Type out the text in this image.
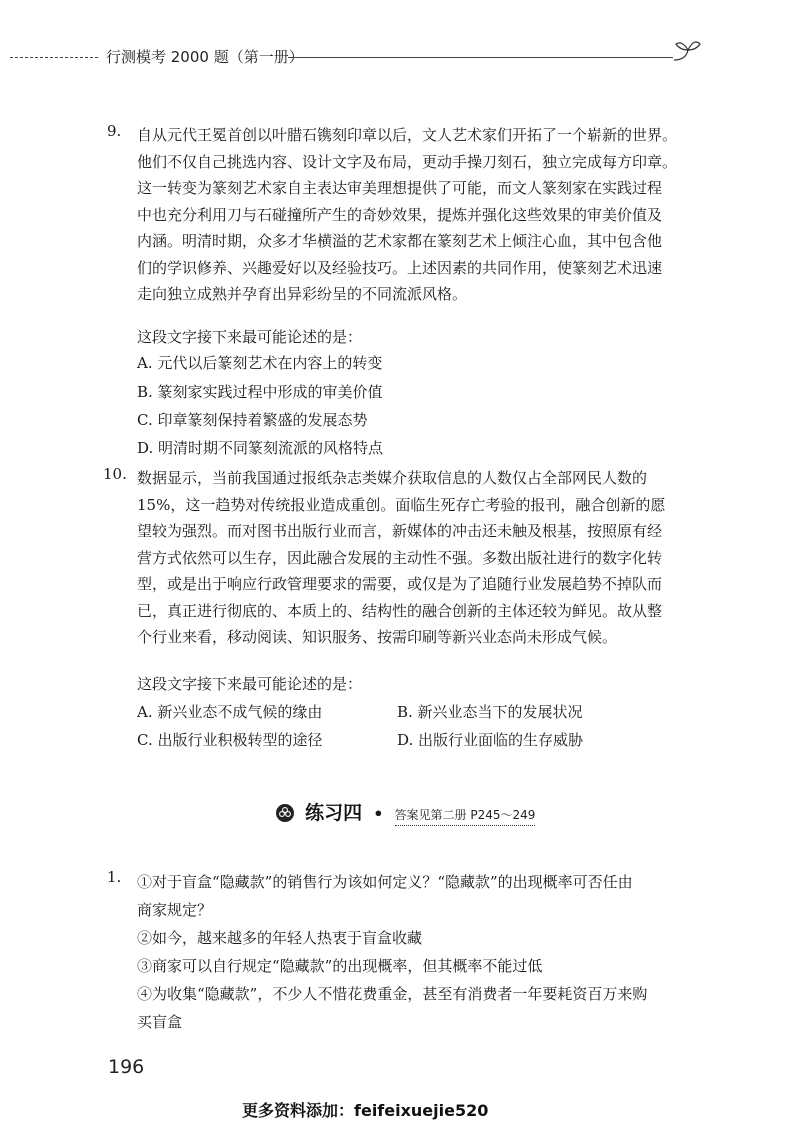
行测模考 2000 题（第一册）
9. 自从元代王冕首创以叶腊石镌刻印章以后，文人艺术家们开拓了一个崭新的世界。
他们不仅自己挑选内容、设计文字及布局，更动手操刀刻石，独立完成每方印章。
这一转变为篆刻艺术家自主表达审美理想提供了可能，而文人篆刻家在实践过程
中也充分利用刀与石碰撞所产生的奇妙效果，提炼并强化这些效果的审美价值及
内涵。明清时期，众多才华横溢的艺术家都在篆刻艺术上倾注心血，其中包含他
们的学识修养、兴趣爱好以及经验技巧。上述因素的共同作用，使篆刻艺术迅速
走向独立成熟并孕育出异彩纷呈的不同流派风格。
这段文字接下来最可能论述的是：
A. 元代以后篆刻艺术在内容上的转变
B. 篆刻家实践过程中形成的审美价值
C. 印章篆刻保持着繁盛的发展态势
D. 明清时期不同篆刻流派的风格特点
10. 数据显示，当前我国通过报纸杂志类媒介获取信息的人数仅占全部网民人数的
15%，这一趋势对传统报业造成重创。面临生死存亡考验的报刊，融合创新的愿
望较为强烈。而对图书出版行业而言，新媒体的冲击还未触及根基，按照原有经
营方式依然可以生存，因此融合发展的主动性不强。多数出版社进行的数字化转
型，或是出于响应行政管理要求的需要，或仅是为了追随行业发展趋势不掉队而
已，真正进行彻底的、本质上的、结构性的融合创新的主体还较为鲜见。故从整
个行业来看，移动阅读、知识服务、按需印刷等新兴业态尚未形成气候。
这段文字接下来最可能论述的是：
A. 新兴业态不成气候的缘由	B. 新兴业态当下的发展状况
C. 出版行业积极转型的途径	D. 出版行业面临的生存威胁
练习四 • 答案见第二册 P245～249
1. ①对于盲盒“隐藏款”的销售行为该如何定义？“隐藏款”的出现概率可否任由
商家规定？
②如今，越来越多的年轻人热衷于盲盒收藏
③商家可以自行规定“隐藏款”的出现概率，但其概率不能过低
④为收集“隐藏款”，不少人不惜花费重金，甚至有消费者一年要耗资百万来购
买盲盒
196
更多资料添加：feifeixuejie520
